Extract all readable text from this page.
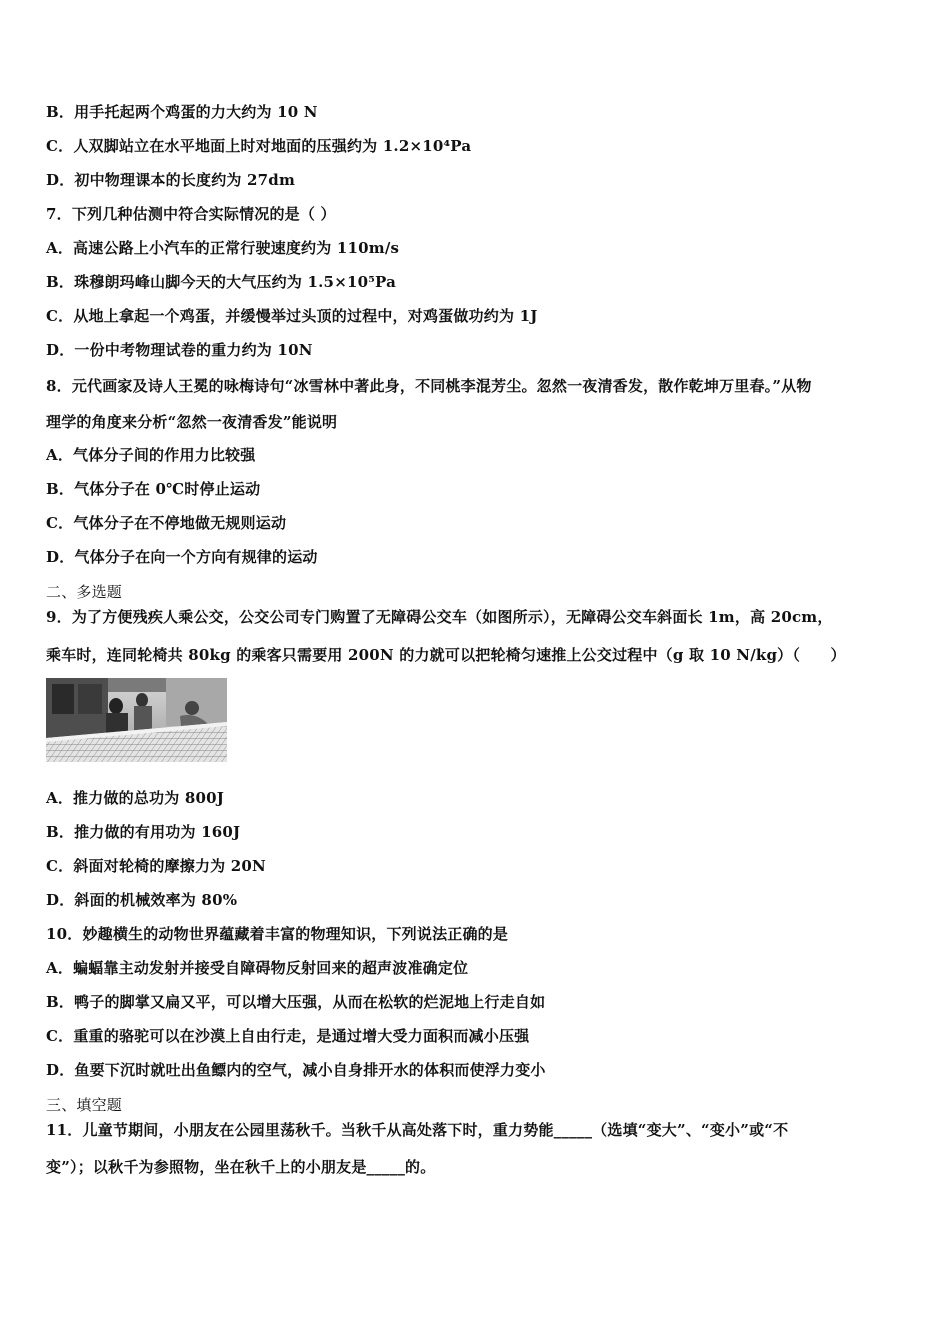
B．用手托起两个鸡蛋的力大约为 10 N

C．人双脚站立在水平地面上时对地面的压强约为 1.2×10⁴Pa

D．初中物理课本的长度约为 27dm

7．下列几种估测中符合实际情况的是（ ）

A．高速公路上小汽车的正常行驶速度约为 110m/s

B．珠穆朗玛峰山脚今天的大气压约为 1.5×10⁵Pa

C．从地上拿起一个鸡蛋，并缓慢举过头顶的过程中，对鸡蛋做功约为 1J

D．一份中考物理试卷的重力约为 10N

8．元代画家及诗人王冕的咏梅诗句“冰雪林中著此身，不同桃李混芳尘。忽然一夜清香发，散作乾坤万里春。”从物

理学的角度来分析“忽然一夜清香发”能说明

A．气体分子间的作用力比较强

B．气体分子在 0℃时停止运动

C．气体分子在不停地做无规则运动

D．气体分子在向一个方向有规律的运动

二、多选题

9．为了方便残疾人乘公交，公交公司专门购置了无障碍公交车（如图所示），无障碍公交车斜面长 1m，高 20cm，

乘车时，连同轮椅共 80kg 的乘客只需要用 200N 的力就可以把轮椅匀速推上公交过程中（g 取 10 N/kg）（　　）

A．推力做的总功为 800J

B．推力做的有用功为 160J

C．斜面对轮椅的摩擦力为 20N

D．斜面的机械效率为 80%

10．妙趣横生的动物世界蕴藏着丰富的物理知识，下列说法正确的是

A．蝙蝠靠主动发射并接受自障碍物反射回来的超声波准确定位

B．鸭子的脚掌又扁又平，可以增大压强，从而在松软的烂泥地上行走自如

C．重重的骆驼可以在沙漠上自由行走，是通过增大受力面积而减小压强

D．鱼要下沉时就吐出鱼鳔内的空气，减小自身排开水的体积而使浮力变小

三、填空题

11．儿童节期间，小朋友在公园里荡秋千。当秋千从高处落下时，重力势能_____（选填“变大”、“变小”或“不

变”）；以秋千为参照物，坐在秋千上的小朋友是_____的。
